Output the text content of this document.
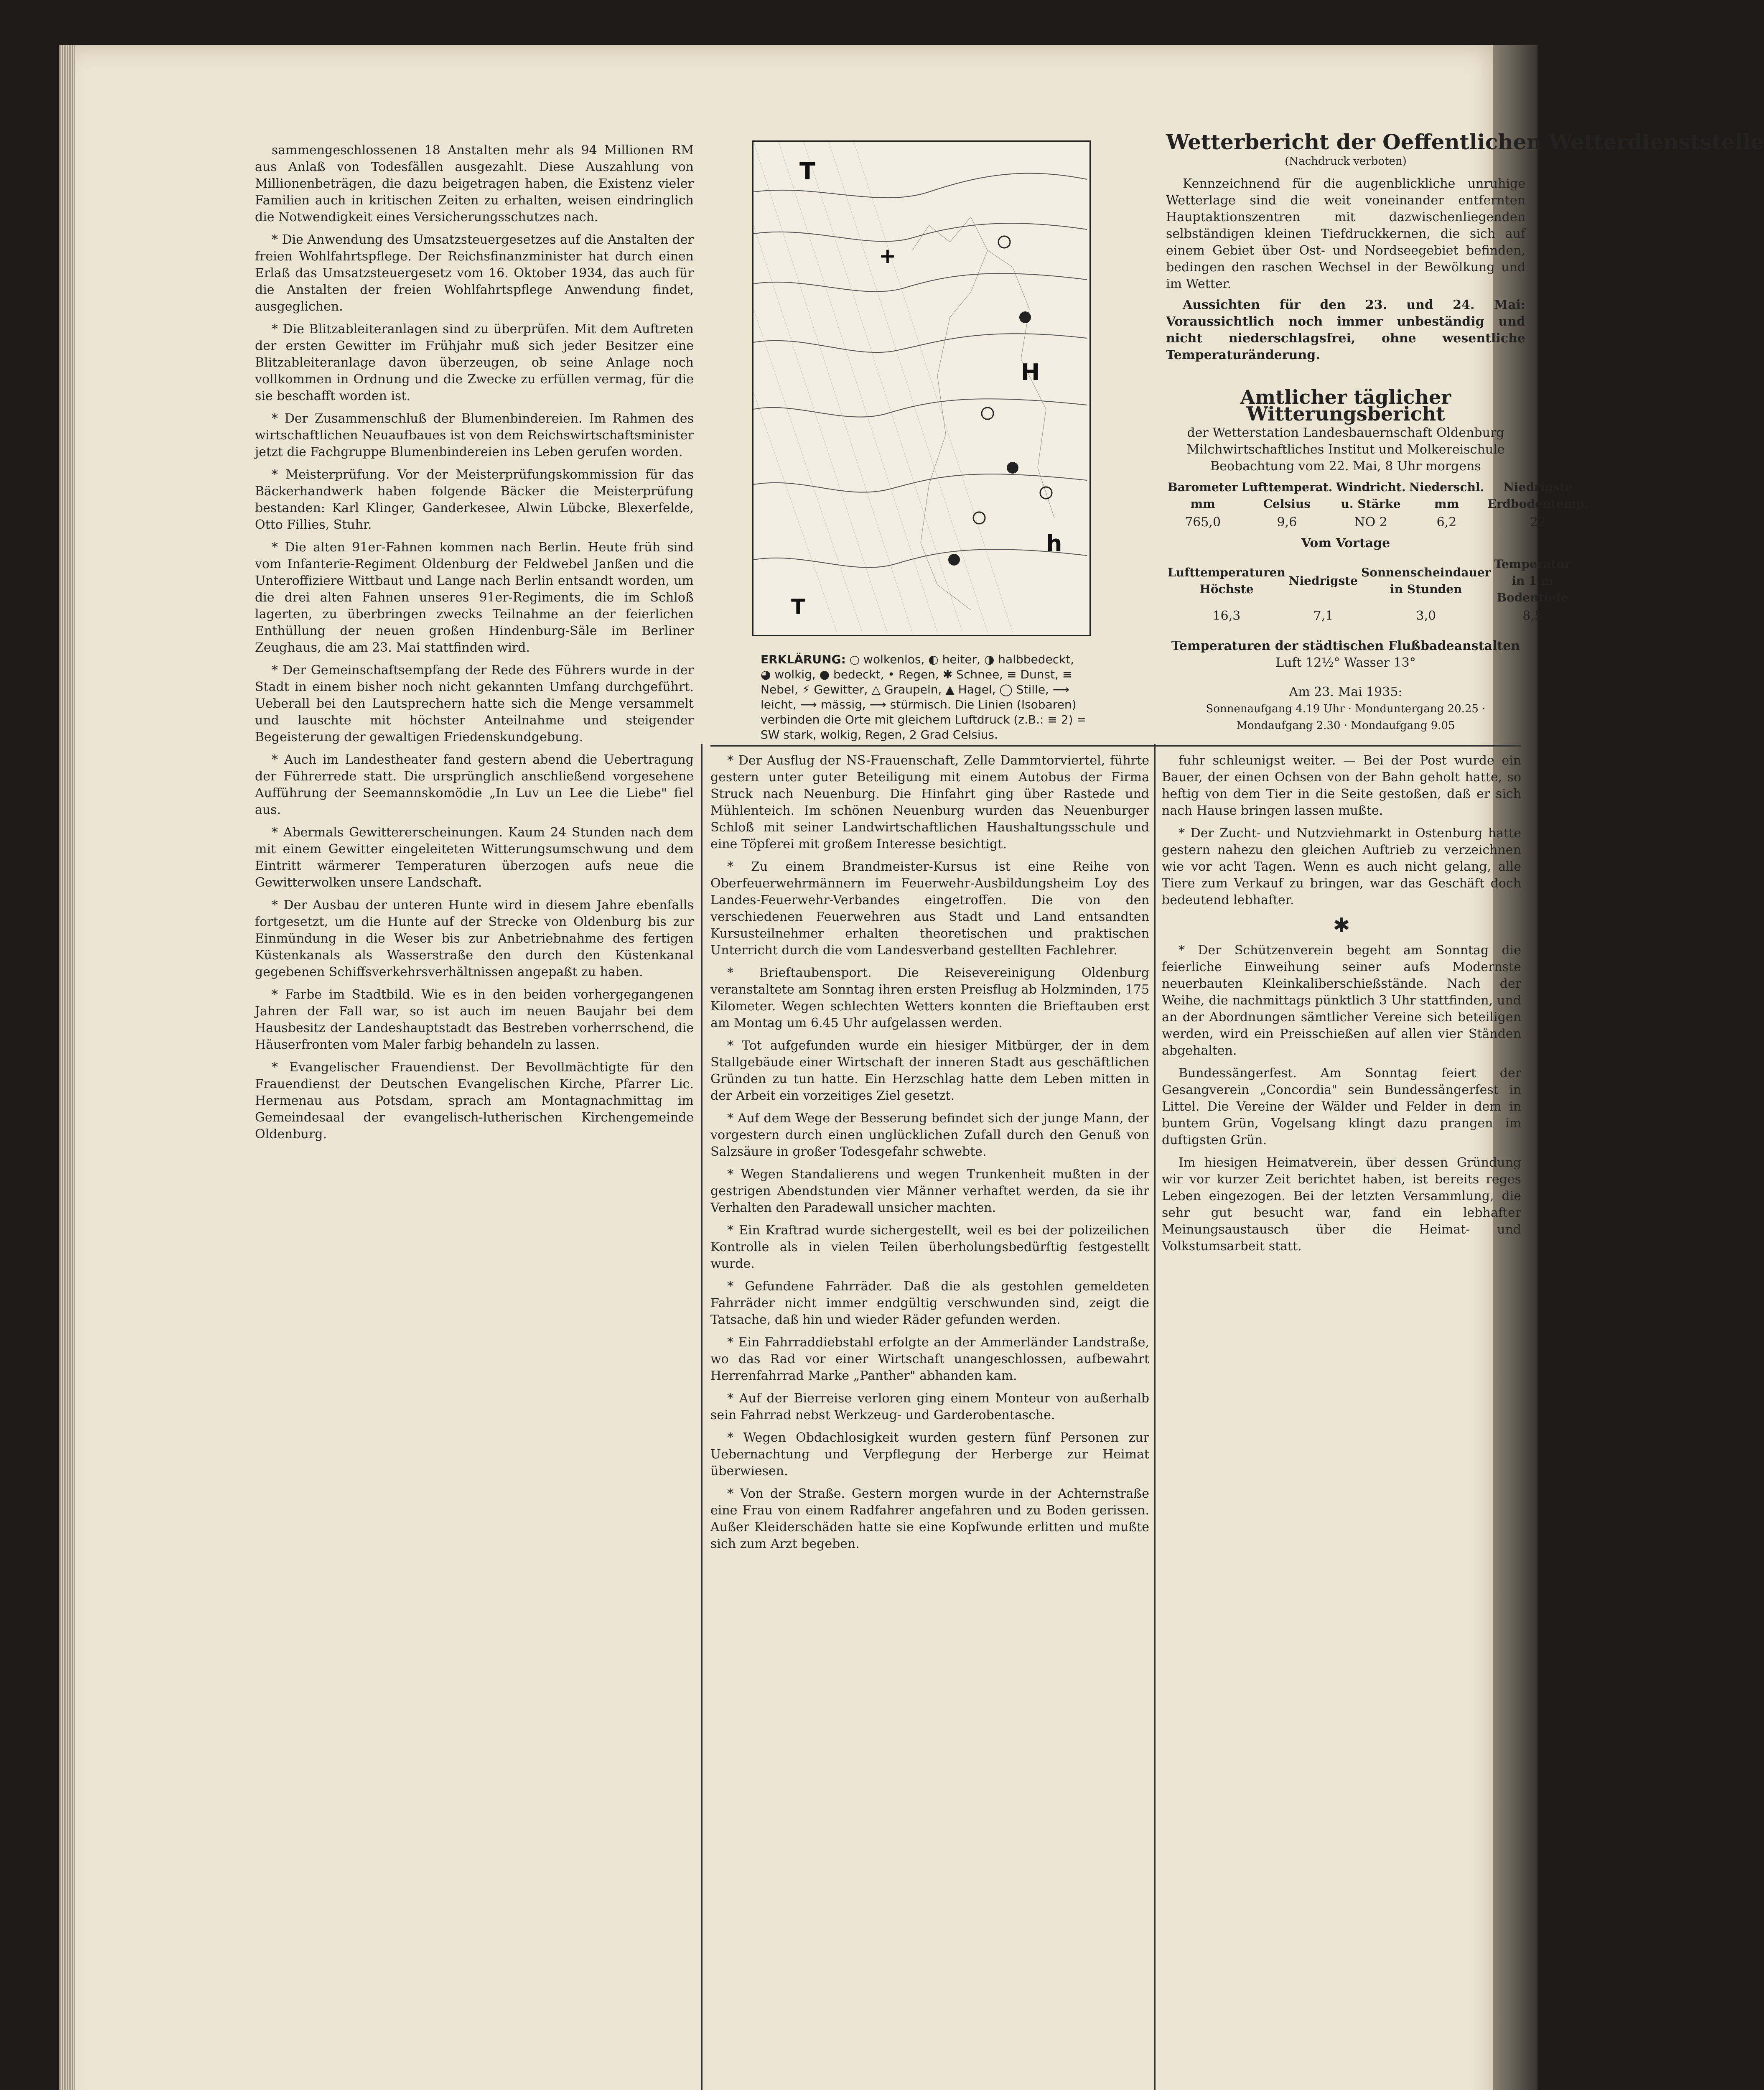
sammengeschlossenen 18 Anstalten mehr als 94 Millionen RM aus Anlaß von Todesfällen ausgezahlt. Diese Auszahlung von Millionenbeträgen, die dazu beigetragen haben, die Existenz vieler Familien auch in kritischen Zeiten zu erhalten, weisen eindringlich die Notwendigkeit eines Versicherungsschutzes nach.

* Die Anwendung des Umsatzsteuergesetzes auf die Anstalten der freien Wohlfahrtspflege. Der Reichsfinanzminister hat durch einen Erlaß das Umsatzsteuergesetz vom 16. Oktober 1934, das auch für die Anstalten der freien Wohlfahrtspflege Anwendung findet, ausgeglichen.

* Die Blitzableiteranlagen sind zu überprüfen. Mit dem Auftreten der ersten Gewitter im Frühjahr muß sich jeder Besitzer eine Blitzableiteranlage davon überzeugen, ob seine Anlage noch vollkommen in Ordnung und die Zwecke zu erfüllen vermag, für die sie beschafft worden ist.

* Der Zusammenschluß der Blumenbindereien. Im Rahmen des wirtschaftlichen Neuaufbaues ist von dem Reichswirtschaftsminister jetzt die Fachgruppe Blumenbindereien ins Leben gerufen worden.

* Meisterprüfung. Vor der Meisterprüfungskommission für das Bäckerhandwerk haben folgende Bäcker die Meisterprüfung bestanden: Karl Klinger, Ganderkesee, Alwin Lübcke, Blexerfelde, Otto Fillies, Stuhr.

* Die alten 91er-Fahnen kommen nach Berlin. Heute früh sind vom Infanterie-Regiment Oldenburg der Feldwebel Janßen und die Unteroffiziere Wittbaut und Lange nach Berlin entsandt worden, um die drei alten Fahnen unseres 91er-Regiments, die im Schloß lagerten, zu überbringen zwecks Teilnahme an der feierlichen Enthüllung der neuen großen Hindenburg-Säle im Berliner Zeughaus, die am 23. Mai stattfinden wird.

* Der Gemeinschaftsempfang der Rede des Führers wurde in der Stadt in einem bisher noch nicht gekannten Umfang durchgeführt. Ueberall bei den Lautsprechern hatte sich die Menge versammelt und lauschte mit höchster Anteilnahme und steigender Begeisterung der gewaltigen Friedenskundgebung.

* Auch im Landestheater fand gestern abend die Uebertragung der Führerrede statt. Die ursprünglich anschließend vorgesehene Aufführung der Seemannskomödie „In Luv un Lee die Liebe" fiel aus.

* Abermals Gewittererscheinungen. Kaum 24 Stunden nach dem mit einem Gewitter eingeleiteten Witterungsumschwung und dem Eintritt wärmerer Temperaturen überzogen aufs neue die Gewitterwolken unsere Landschaft.

* Der Ausbau der unteren Hunte wird in diesem Jahre ebenfalls fortgesetzt, um die Hunte auf der Strecke von Oldenburg bis zur Einmündung in die Weser bis zur Anbetriebnahme des fertigen Küstenkanals als Wasserstraße den durch den Küstenkanal gegebenen Schiffsverkehrsverhältnissen angepaßt zu haben.

* Farbe im Stadtbild. Wie es in den beiden vorhergegangenen Jahren der Fall war, so ist auch im neuen Baujahr bei dem Hausbesitz der Landeshauptstadt das Bestreben vorherrschend, die Häuserfronten vom Maler farbig behandeln zu lassen.

* Evangelischer Frauendienst. Der Bevollmächtigte für den Frauendienst der Deutschen Evangelischen Kirche, Pfarrer Lic. Hermenau aus Potsdam, sprach am Montagnachmittag im Gemeindesaal der evangelisch-lutherischen Kirchengemeinde Oldenburg.

T
+
H
h
T
ERKLÄRUNG: ○ wolkenlos, ◐ heiter, ◑ halbbedeckt, ◕ wolkig, ● bedeckt, • Regen, ✱ Schnee, ≡ Dunst, ≡ Nebel, ⚡ Gewitter, △ Graupeln, ▲ Hagel, ◯ Stille, ⟶ leicht, ⟶ mässig, ⟶ stürmisch. Die Linien (Isobaren) verbinden die Orte mit gleichem Luftdruck (z.B.: ≡ 2) = SW stark, wolkig, Regen, 2 Grad Celsius.
Wetterbericht der Oeffentlichen Wetterdienststelle
(Nachdruck verboten)

Kennzeichnend für die augenblickliche unruhige Wetterlage sind die weit voneinander entfernten Hauptaktionszentren mit dazwischenliegenden selbständigen kleinen Tiefdruckkernen, die sich auf einem Gebiet über Ost- und Nordseegebiet befinden, bedingen den raschen Wechsel in der Bewölkung und im Wetter.

Aussichten für den 23. und 24. Mai: Voraussichtlich noch immer unbeständig und nicht niederschlagsfrei, ohne wesentliche Temperaturänderung.

Amtlicher täglicher Witterungsbericht
der Wetterstation Landesbauernschaft Oldenburg Milchwirtschaftliches Institut und Molkereischule
Beobachtung vom 22. Mai, 8 Uhr morgens
Barometer mm	Lufttemperat. Celsius	Windricht. u. Stärke	Niederschl. mm	Niedrigste Erdbodentemp.
765,0	9,6	NO 2	6,2	22
Vom Vortage
Lufttemperaturen Höchste	Niedrigste	Sonnenscheindauer in Stunden	Temperatur in 1 m Bodentiefe
16,3	7,1	3,0	8,5
Temperaturen der städtischen Flußbadeanstalten
Luft 12½° Wasser 13°
Am 23. Mai 1935:
Sonnenaufgang 4.19 Uhr · Monduntergang 20.25 · Mondaufgang 2.30 · Mondaufgang 9.05

* Der Ausflug der NS-Frauenschaft, Zelle Dammtorviertel, führte gestern unter guter Beteiligung mit einem Autobus der Firma Struck nach Neuenburg. Die Hinfahrt ging über Rastede und Mühlenteich. Im schönen Neuenburg wurden das Neuenburger Schloß mit seiner Landwirtschaftlichen Haushaltungsschule und eine Töpferei mit großem Interesse besichtigt.

* Zu einem Brandmeister-Kursus ist eine Reihe von Oberfeuerwehrmännern im Feuerwehr-Ausbildungsheim Loy des Landes-Feuerwehr-Verbandes eingetroffen. Die von den verschiedenen Feuerwehren aus Stadt und Land entsandten Kursusteilnehmer erhalten theoretischen und praktischen Unterricht durch die vom Landesverband gestellten Fachlehrer.

* Brieftaubensport. Die Reisevereinigung Oldenburg veranstaltete am Sonntag ihren ersten Preisflug ab Holzminden, 175 Kilometer. Wegen schlechten Wetters konnten die Brieftauben erst am Montag um 6.45 Uhr aufgelassen werden.

* Tot aufgefunden wurde ein hiesiger Mitbürger, der in dem Stallgebäude einer Wirtschaft der inneren Stadt aus geschäftlichen Gründen zu tun hatte. Ein Herzschlag hatte dem Leben mitten in der Arbeit ein vorzeitiges Ziel gesetzt.

* Auf dem Wege der Besserung befindet sich der junge Mann, der vorgestern durch einen unglücklichen Zufall durch den Genuß von Salzsäure in großer Todesgefahr schwebte.

* Wegen Standalierens und wegen Trunkenheit mußten in der gestrigen Abendstunden vier Männer verhaftet werden, da sie ihr Verhalten den Paradewall unsicher machten.

* Ein Kraftrad wurde sichergestellt, weil es bei der polizeilichen Kontrolle als in vielen Teilen überholungsbedürftig festgestellt wurde.

* Gefundene Fahrräder. Daß die als gestohlen gemeldeten Fahrräder nicht immer endgültig verschwunden sind, zeigt die Tatsache, daß hin und wieder Räder gefunden werden.

* Ein Fahrraddiebstahl erfolgte an der Ammerländer Landstraße, wo das Rad vor einer Wirtschaft unangeschlossen, aufbewahrt Herrenfahrrad Marke „Panther" abhanden kam.

* Auf der Bierreise verloren ging einem Monteur von außerhalb sein Fahrrad nebst Werkzeug- und Garderobentasche.

* Wegen Obdachlosigkeit wurden gestern fünf Personen zur Uebernachtung und Verpflegung der Herberge zur Heimat überwiesen.

* Von der Straße. Gestern morgen wurde in der Achternstraße eine Frau von einem Radfahrer angefahren und zu Boden gerissen. Außer Kleiderschäden hatte sie eine Kopfwunde erlitten und mußte sich zum Arzt begeben.

fuhr schleunigst weiter. — Bei der Post wurde ein Bauer, der einen Ochsen von der Bahn geholt hatte, so heftig von dem Tier in die Seite gestoßen, daß er sich nach Hause bringen lassen mußte.

* Der Zucht- und Nutzviehmarkt in Ostenburg hatte gestern nahezu den gleichen Auftrieb zu verzeichnen wie vor acht Tagen. Wenn es auch nicht gelang, alle Tiere zum Verkauf zu bringen, war das Geschäft doch bedeutend lebhafter.

✱

* Der Schützenverein begeht am Sonntag die feierliche Einweihung seiner aufs Modernste neuerbauten Kleinkaliberschießstände. Nach der Weihe, die nachmittags pünktlich 3 Uhr stattfinden, und an der Abordnungen sämtlicher Vereine sich beteiligen werden, wird ein Preisschießen auf allen vier Ständen abgehalten.

Bundessängerfest. Am Sonntag feiert der Gesangverein „Concordia" sein Bundessängerfest in Littel. Die Vereine der Wälder und Felder in dem in buntem Grün, Vogelsang klingt dazu prangen im duftigsten Grün.

Im hiesigen Heimatverein, über dessen Gründung wir vor kurzer Zeit berichtet haben, ist bereits reges Leben eingezogen. Bei der letzten Versammlung, die sehr gut besucht war, fand ein lebhafter Meinungsaustausch über die Heimat- und Volkstumsarbeit statt.
